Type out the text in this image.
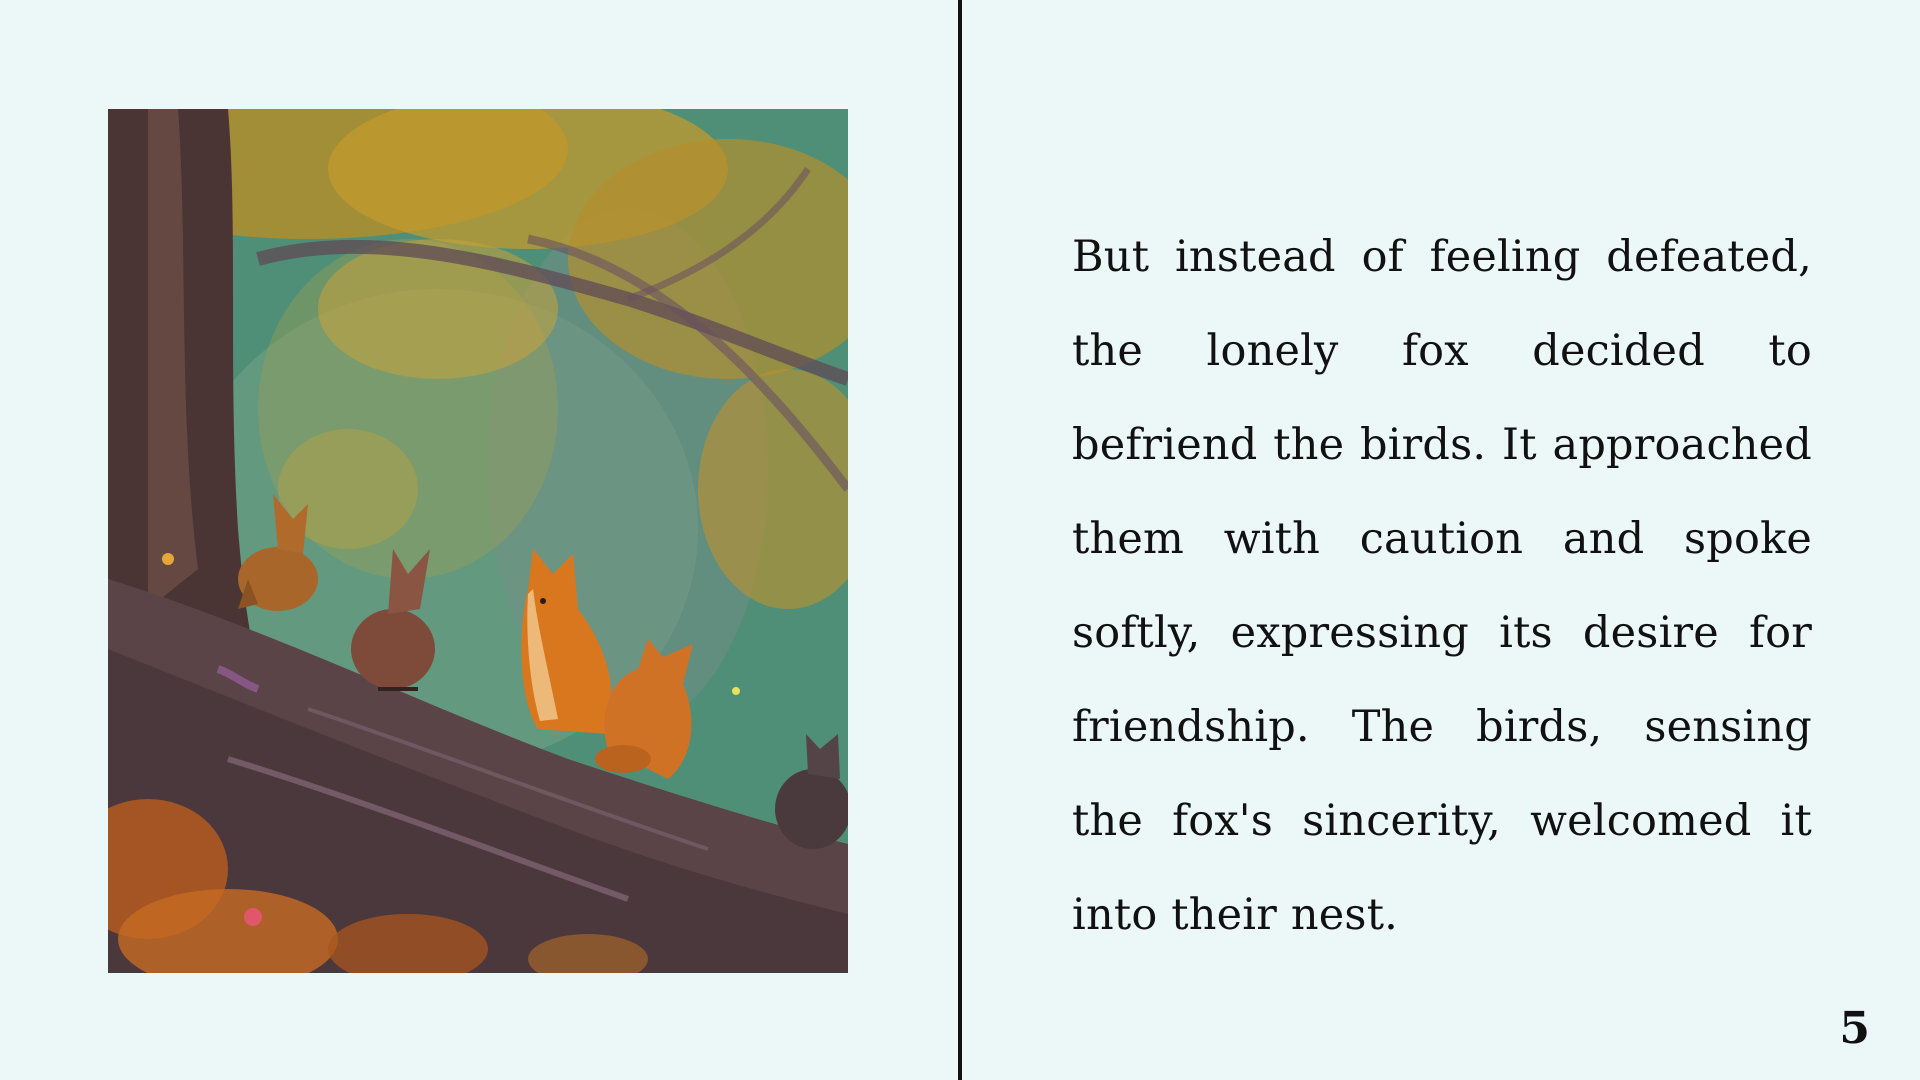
But instead of feeling defeated, the lonely fox decided to befriend the birds. It approached them with caution and spoke softly, expressing its desire for friendship. The birds, sensing the fox's sincerity, welcomed it into their nest.

5
